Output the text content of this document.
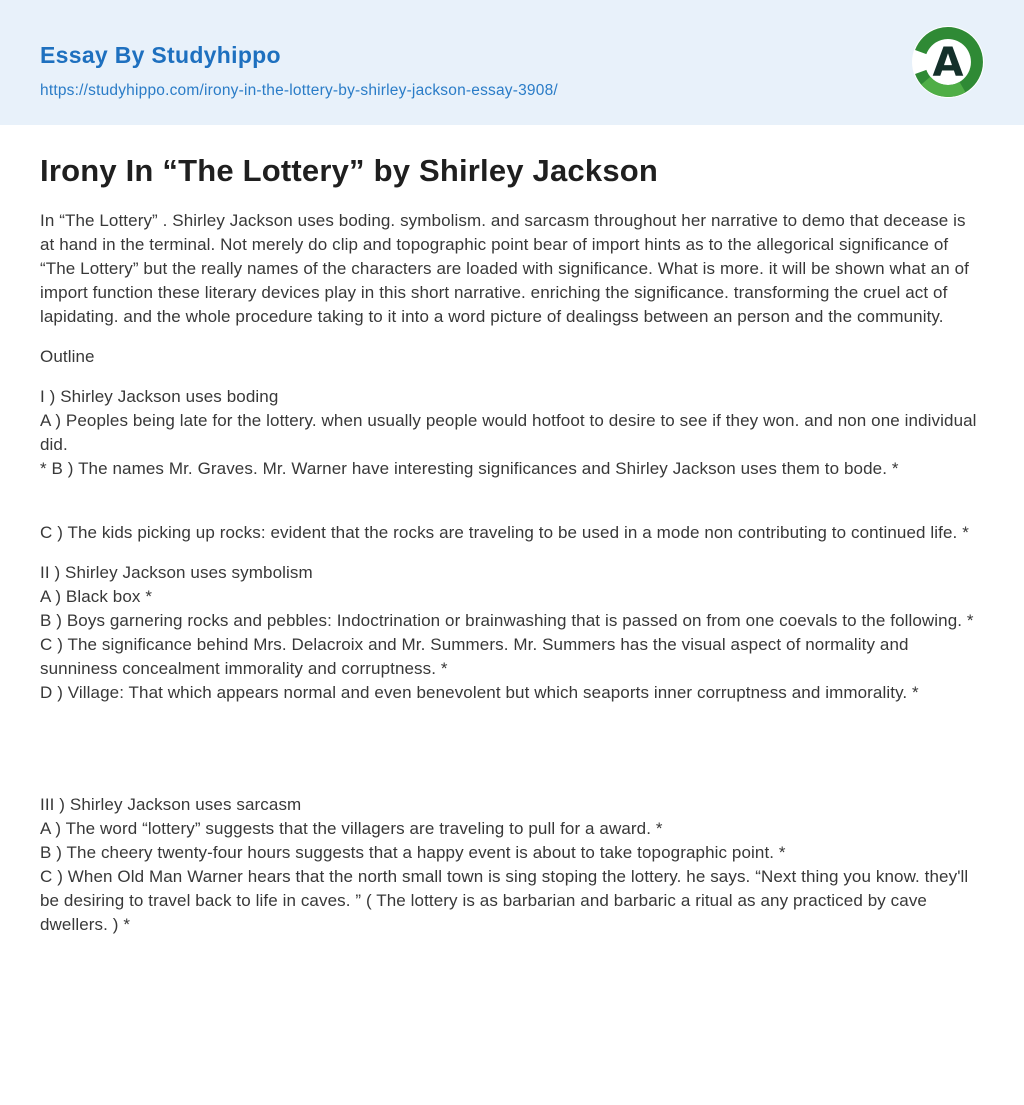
Essay By Studyhippo
https://studyhippo.com/irony-in-the-lottery-by-shirley-jackson-essay-3908/
A
Irony In “The Lottery” by Shirley Jackson
In “The Lottery” . Shirley Jackson uses boding. symbolism. and sarcasm throughout her narrative to demo that decease is at hand in the terminal. Not merely do clip and topographic point bear of import hints as to the allegorical significance of “The Lottery” but the really names of the characters are loaded with significance. What is more. it will be shown what an of import function these literary devices play in this short narrative. enriching the significance. transforming the cruel act of lapidating. and the whole procedure taking to it into a word picture of dealingss between an person and the community.
Outline
I ) Shirley Jackson uses boding
A ) Peoples being late for the lottery. when usually people would hotfoot to desire to see if they won. and non one individual did.
* B ) The names Mr. Graves. Mr. Warner have interesting significances and Shirley Jackson uses them to bode. *
C ) The kids picking up rocks: evident that the rocks are traveling to be used in a mode non contributing to continued life. *
II ) Shirley Jackson uses symbolism
A ) Black box *
B ) Boys garnering rocks and pebbles: Indoctrination or brainwashing that is passed on from one coevals to the following. *
C ) The significance behind Mrs. Delacroix and Mr. Summers. Mr. Summers has the visual aspect of normality and sunniness concealment immorality and corruptness. *
D ) Village: That which appears normal and even benevolent but which seaports inner corruptness and immorality. *
III ) Shirley Jackson uses sarcasm
A ) The word “lottery” suggests that the villagers are traveling to pull for a award. *
B ) The cheery twenty-four hours suggests that a happy event is about to take topographic point. *
C ) When Old Man Warner hears that the north small town is sing stoping the lottery. he says. “Next thing you know. they'll be desiring to travel back to life in caves. ” ( The lottery is as barbarian and barbaric a ritual as any practiced by cave dwellers. ) *
